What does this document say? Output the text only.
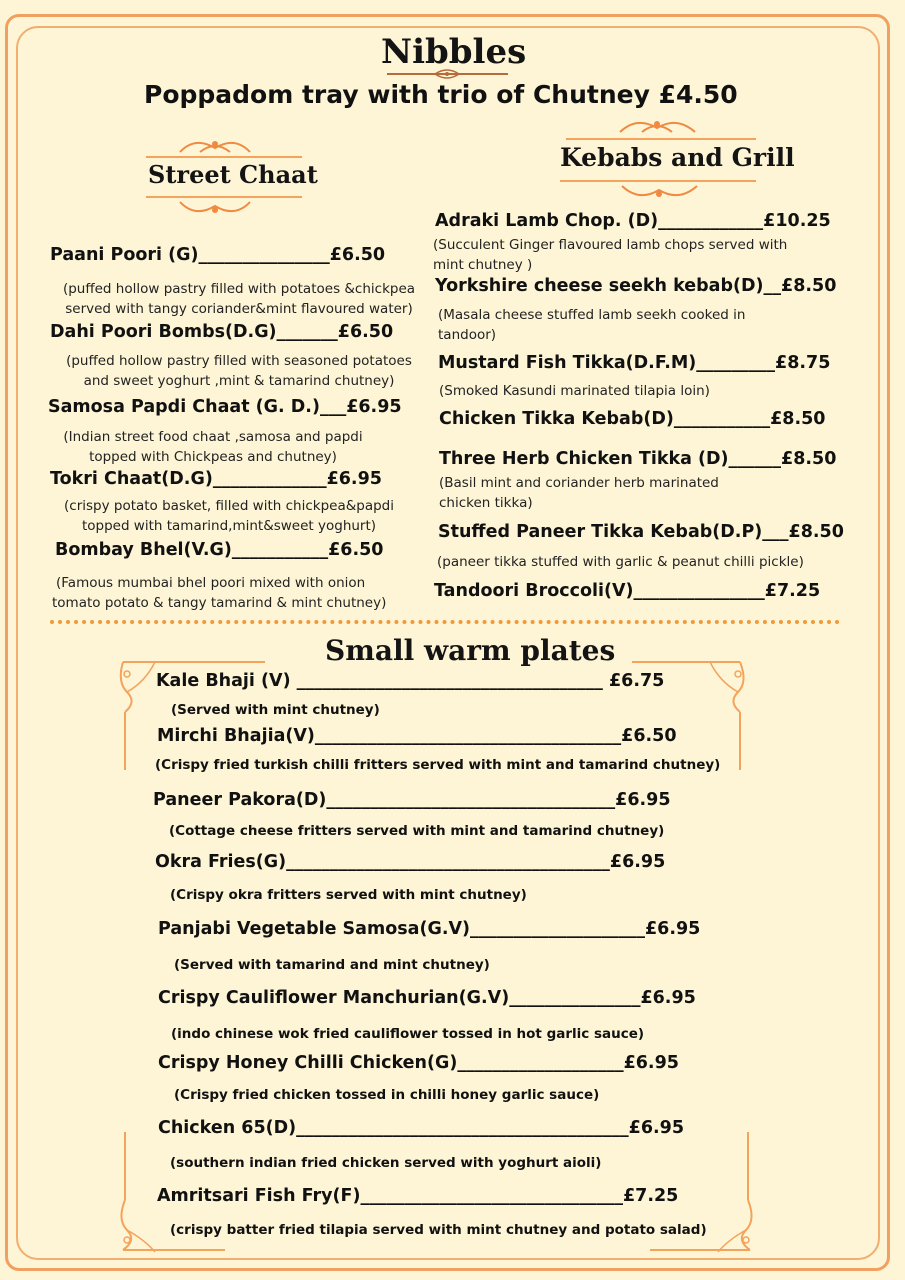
Nibbles
Poppadom tray with trio of Chutney £4.50
Street Chaat
Kebabs and Grill
Paani Poori (G)_______________£6.50
(puffed hollow pastry filled with potatoes &chickpea
served with tangy coriander&mint flavoured water)
Dahi Poori Bombs(D.G)_______£6.50
(puffed hollow pastry filled with seasoned potatoes
and sweet yoghurt ,mint & tamarind chutney)
Samosa Papdi Chaat (G. D.)___£6.95
(Indian street food chaat ,samosa and papdi
topped with Chickpeas and chutney)
Tokri Chaat(D.G)_____________£6.95
(crispy potato basket, filled with chickpea&papdi
topped with tamarind,mint&sweet yoghurt)
Bombay Bhel(V.G)___________£6.50
(Famous mumbai bhel poori mixed with onion
tomato potato & tangy tamarind & mint chutney)
Adraki Lamb Chop. (D)____________£10.25
(Succulent Ginger flavoured lamb chops served with
mint chutney )
Yorkshire cheese seekh kebab(D)__£8.50
(Masala cheese stuffed lamb seekh cooked in
tandoor)
Mustard Fish Tikka(D.F.M)_________£8.75
(Smoked Kasundi marinated tilapia loin)
Chicken Tikka Kebab(D)___________£8.50
Three Herb Chicken Tikka (D)______£8.50
(Basil mint and coriander herb marinated
chicken tikka)
Stuffed Paneer Tikka Kebab(D.P)___£8.50
(paneer tikka stuffed with garlic & peanut chilli pickle)
Tandoori Broccoli(V)_______________£7.25
Small warm plates
Kale Bhaji (V) ___________________________________ £6.75
(Served with mint chutney)
Mirchi Bhajia(V)___________________________________£6.50
(Crispy fried turkish chilli fritters served with mint and tamarind chutney)
Paneer Pakora(D)_________________________________£6.95
(Cottage cheese fritters served with mint and tamarind chutney)
Okra Fries(G)_____________________________________£6.95
(Crispy okra fritters served with mint chutney)
Panjabi Vegetable Samosa(G.V)____________________£6.95
(Served with tamarind and mint chutney)
Crispy Cauliflower Manchurian(G.V)_______________£6.95
(indo chinese wok fried cauliflower tossed in hot garlic sauce)
Crispy Honey Chilli Chicken(G)___________________£6.95
(Crispy fried chicken tossed in chilli honey garlic sauce)
Chicken 65(D)______________________________________£6.95
(southern indian fried chicken served with yoghurt aioli)
Amritsari Fish Fry(F)______________________________£7.25
(crispy batter fried tilapia served with mint chutney and potato salad)
